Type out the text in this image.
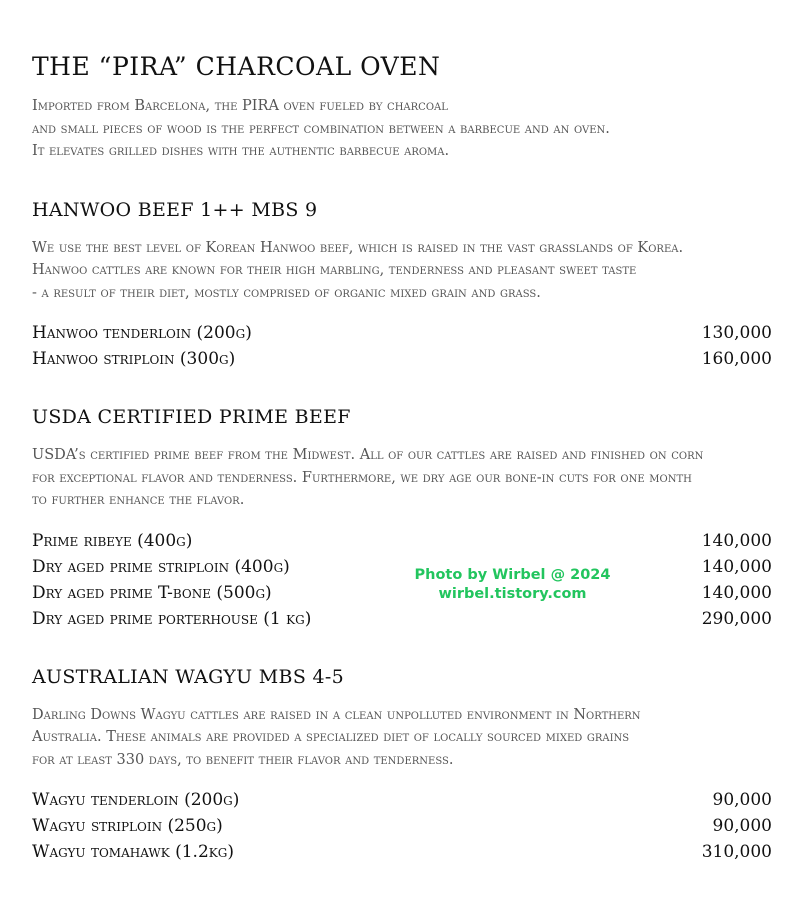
THE “PIRA” CHARCOAL OVEN

Imported from Barcelona, the PIRA oven fueled by charcoal
and small pieces of wood is the perfect combination between a barbecue and an oven.
It elevates grilled dishes with the authentic barbecue aroma.

HANWOO BEEF 1++ MBS 9

We use the best level of Korean Hanwoo beef, which is raised in the vast grasslands of Korea.
Hanwoo cattles are known for their high marbling, tenderness and pleasant sweet taste
- a result of their diet, mostly comprised of organic mixed grain and grass.

Hanwoo tenderloin (200g)	130,000
Hanwoo striploin (300g)	160,000
USDA CERTIFIED PRIME BEEF

USDA’s certified prime beef from the Midwest. All of our cattles are raised and finished on corn
for exceptional flavor and tenderness. Furthermore, we dry age our bone-in cuts for one month
to further enhance the flavor.

Prime ribeye (400g)	140,000
Dry aged prime striploin (400g)	140,000
Dry aged prime T-bone (500g)	140,000
Dry aged prime porterhouse (1 kg)	290,000
AUSTRALIAN WAGYU MBS 4-5

Darling Downs Wagyu cattles are raised in a clean unpolluted environment in Northern
Australia. These animals are provided a specialized diet of locally sourced mixed grains
for at least 330 days, to benefit their flavor and tenderness.

Wagyu tenderloin (200g)	90,000
Wagyu striploin (250g)	90,000
Wagyu tomahawk (1.2kg)	310,000
Photo by Wirbel @ 2024
wirbel.tistory.com
